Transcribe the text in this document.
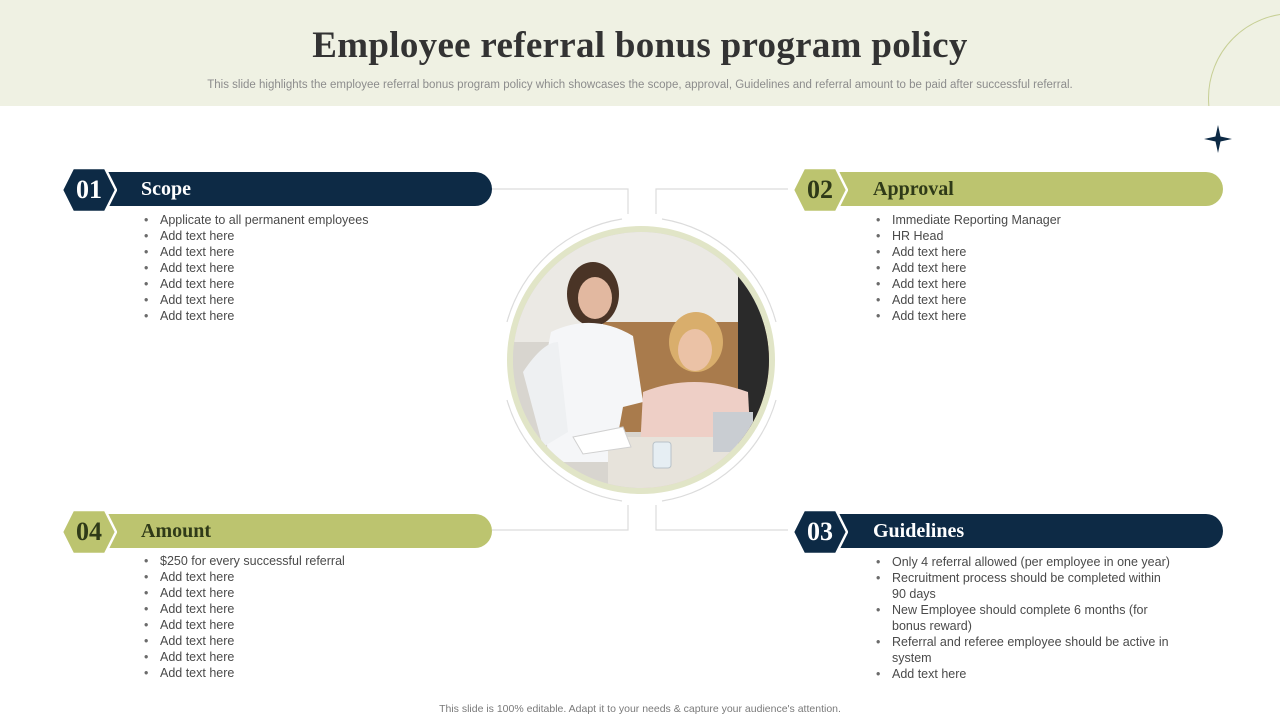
Employee referral bonus program policy

This slide highlights the employee referral bonus program policy which showcases the scope, approval, Guidelines and referral amount to be paid after successful referral.

01	Scope
• Applicate to all permanent employees
• Add text here
• Add text here
• Add text here
• Add text here
• Add text here
• Add text here
02	Approval
• Immediate Reporting Manager
• HR Head
• Add text here
• Add text here
• Add text here
• Add text here
• Add text here
04	Amount
• $250 for every successful referral
• Add text here
• Add text here
• Add text here
• Add text here
• Add text here
• Add text here
• Add text here
03	Guidelines
• Only 4 referral allowed (per employee in one year)
• Recruitment process should be completed within 90 days
• New Employee should complete 6 months (for bonus reward)
• Referral and referee employee should be active in system
• Add text here

This slide is 100% editable. Adapt it to your needs & capture your audience's attention.
